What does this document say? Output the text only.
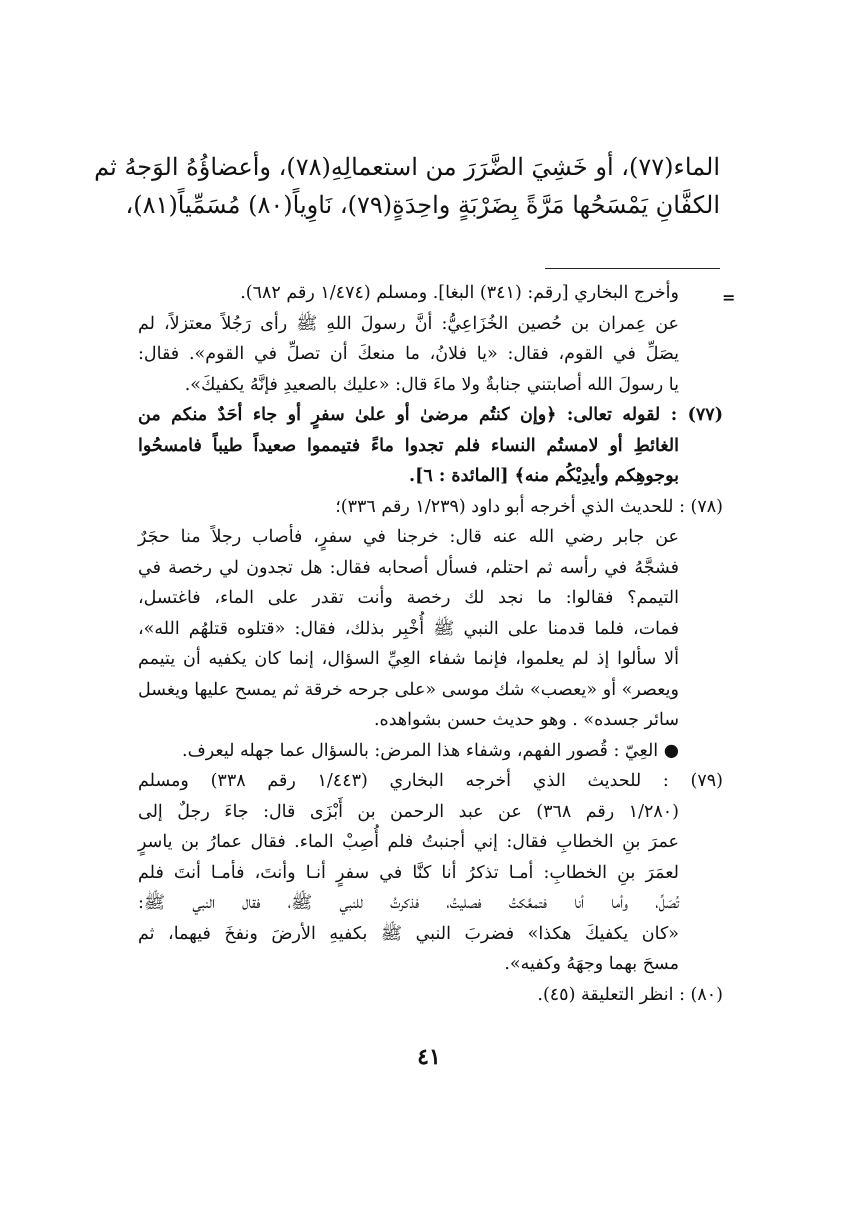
الماء(٧٧)، أو خَشِيَ الضَّرَرَ من استعمالِهِ(٧٨)، وأعضاؤُهُ الوَجهُ ثم
الكفَّانِ يَمْسَحُها مَرَّةً بِضَرْبَةٍ واحِدَةٍ(٧٩)، نَاوِياً(٨٠) مُسَمِّياً(٨١)،
=
وأخرج البخاري [رقم: (٣٤١) البغا]. ومسلم (١/٤٧٤ رقم ٦٨٢).
عن عِمران بن حُصين الخُزَاعِيُّ: أنَّ رسولَ اللهِ ﷺ رأى رَجُلاً معتزلاً، لم
يصَلِّ في القوم، فقال: «يا فلانُ، ما منعكَ أن تصلِّ في القوم». فقال:
يا رسولَ الله أصابتني جنابةٌ ولا ماءَ قال: «عليك بالصعيدِ فإنَّهُ يكفيكَ».
(٧٧) : لقوله تعالى: ﴿وإن كنتُم مرضىٰ أو علىٰ سفرٍ أو جاء أحَدٌ منكم من
الغائطِ أو لامستُم النساء فلم تجدوا ماءً فتيمموا صعيداً طيباً فامسحُوا
بوجوهِكم وأيدِيْكُم منه﴾ [المائدة : ٦].
(٧٨) : للحديث الذي أخرجه أبو داود (١/٢٣٩ رقم ٣٣٦)؛
عن جابر رضي الله عنه قال: خرجنا في سفرٍ، فأصاب رجلاً منا حجَرٌ
فشجَّهُ في رأسه ثم احتلم، فسأل أصحابه فقال: هل تجدون لي رخصة في
التيمم؟ فقالوا: ما نجد لك رخصة وأنت تقدر على الماء، فاغتسل،
فمات، فلما قدمنا على النبي ﷺ أُخْبِر بذلك، فقال: «قتلوه قتلهُم الله»،
ألا سألوا إذ لم يعلموا، فإنما شفاء العِيِّ السؤال، إنما كان يكفيه أن يتيمم
ويعصر» أو «يعصب» شك موسى «على جرحه خرقة ثم يمسح عليها ويغسل
سائر جسده» . وهو حديث حسن بشواهده.
● العِيّ : قُصور الفهم، وشفاء هذا المرض: بالسؤال عما جهله ليعرف.
(٧٩) : للحديث الذي أخرجه البخاري (١/٤٤٣ رقم ٣٣٨) ومسلم
(١/٢٨٠ رقم ٣٦٨) عن عبد الرحمن بن أَبْزَى قال: جاءَ رجلٌ إلى
عمرَ بنِ الخطابِ فقال: إني أجنبتُ فلم أُصِبْ الماء. فقال عمارُ بن ياسرٍ
لعمَرَ بنِ الخطابِ: أمـا تذكرُ أنا كنَّا في سفرٍ أنـا وأنتَ، فأمـا أنتَ فلم
تُصَلِّ، وأما أنا فتمعَّكتُ فصليتُ، فذكرتُ للنبي ﷺ، فقال النبي ﷺ:
«كان يكفيكَ هكذا» فضربَ النبي ﷺ بكفيهِ الأرضَ ونفخَ فيهما، ثم
مسحَ بهما وجهَهُ وكفيه».
(٨٠) : انظر التعليقة (٤٥).
٤١
